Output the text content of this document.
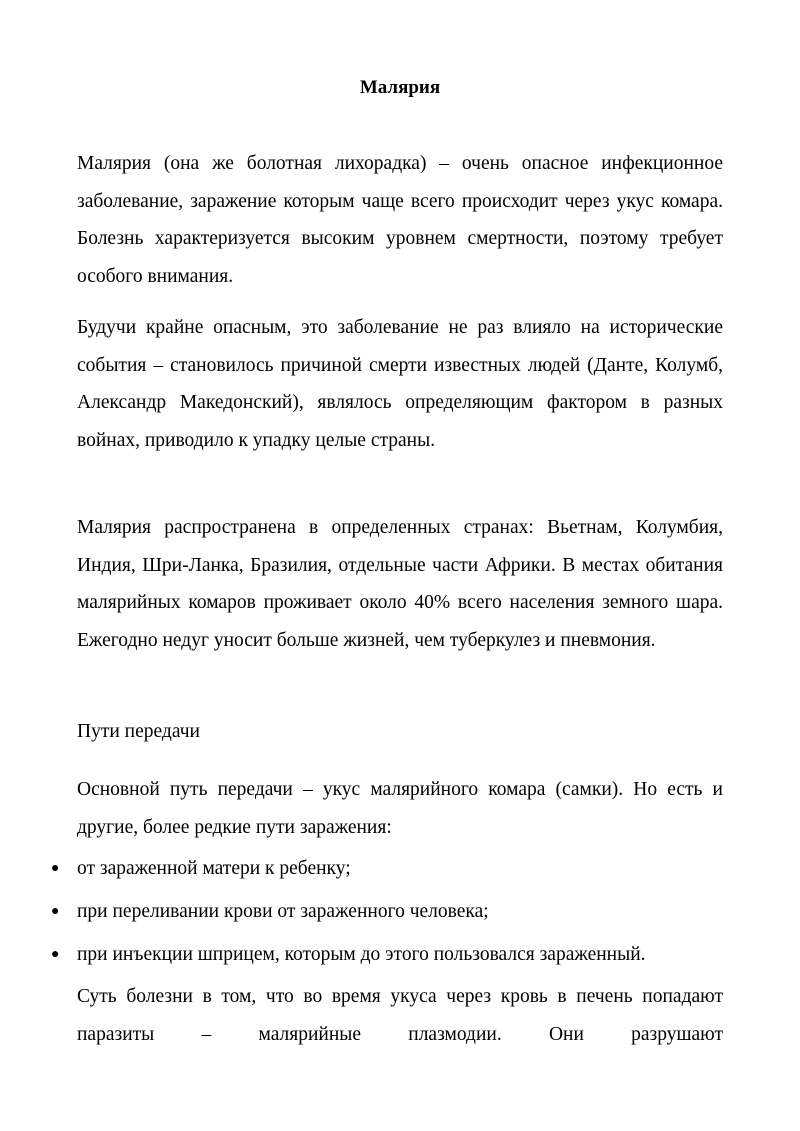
Малярия

Малярия (она же болотная лихорадка) – очень опасное инфекционное заболевание, заражение которым чаще всего происходит через укус комара. Болезнь характеризуется высоким уровнем смертности, поэтому требует особого внимания.

Будучи крайне опасным, это заболевание не раз влияло на исторические события – становилось причиной смерти известных людей (Данте, Колумб, Александр Македонский), являлось определяющим фактором в разных войнах, приводило к упадку целые страны.

Малярия распространена в определенных странах: Вьетнам, Колумбия, Индия, Шри-Ланка, Бразилия, отдельные части Африки. В местах обитания малярийных комаров проживает около 40% всего населения земного шара. Ежегодно недуг уносит больше жизней, чем туберкулез и пневмония.

Пути передачи

Основной путь передачи – укус малярийного комара (самки). Но есть и другие, более редкие пути заражения:

● от зараженной матери к ребенку;
● при переливании крови от зараженного человека;
● при инъекции шприцем, которым до этого пользовался зараженный.

Суть болезни в том, что во время укуса через кровь в печень попадают паразиты – малярийные плазмодии. Они разрушают
